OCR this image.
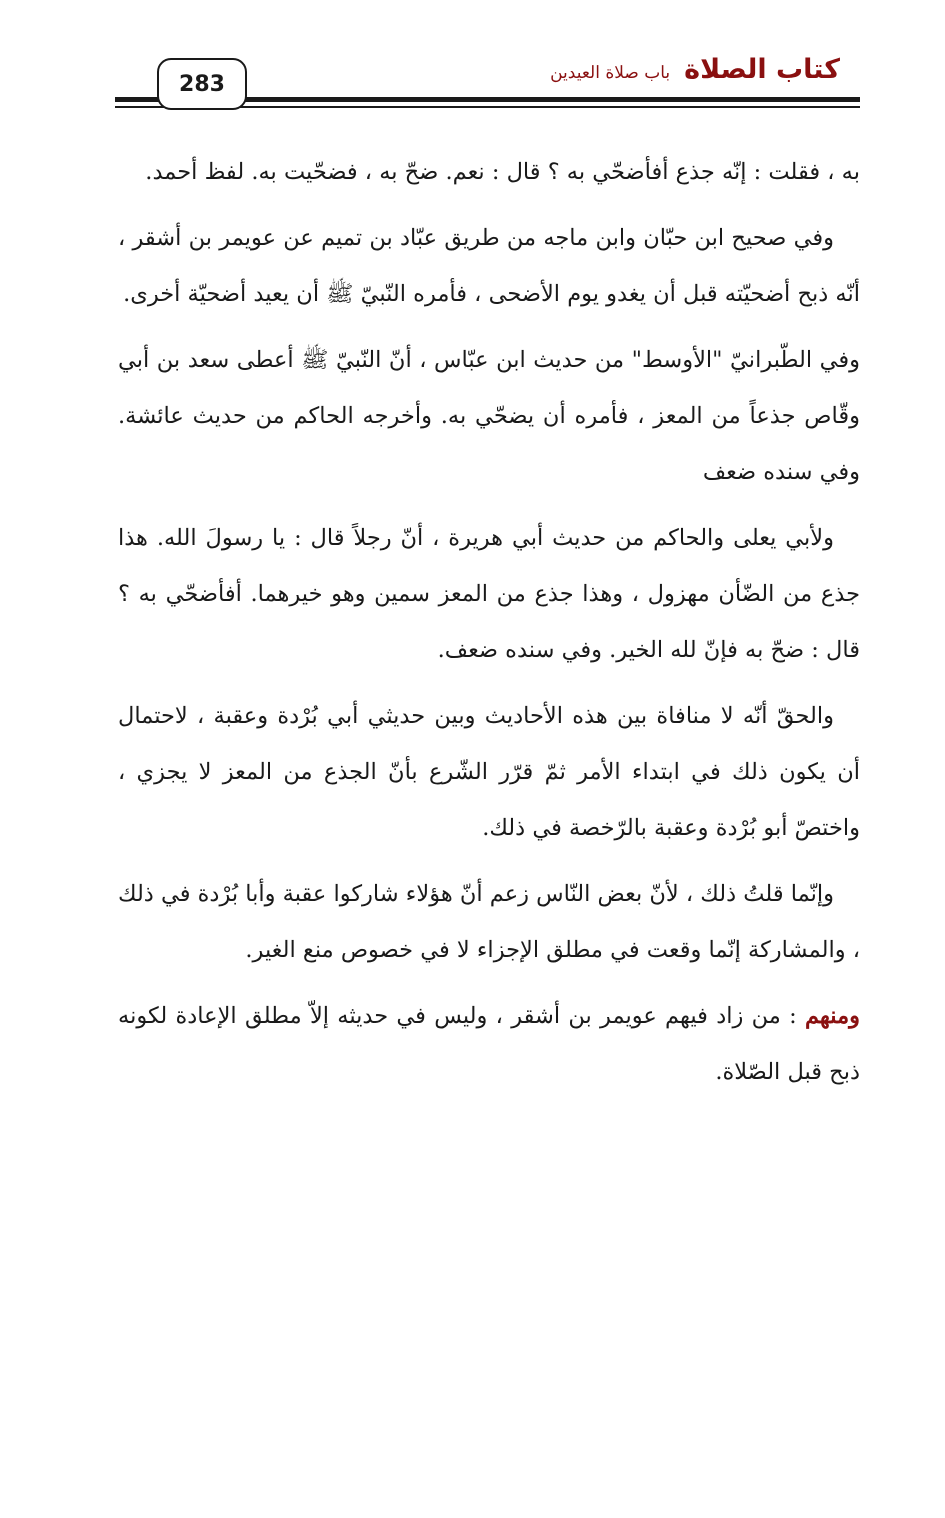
283	كتاب الصلاة
باب صلاة العيدين

به ، فقلت : إنّه جذع أفأضحّي به ؟ قال : نعم. ضحّ به ، فضحّيت به. لفظ أحمد.

وفي صحيح ابن حبّان وابن ماجه من طريق عبّاد بن تميم عن عويمر بن أشقر ، أنّه ذبح أضحيّته قبل أن يغدو يوم الأضحى ، فأمره النّبيّ ﷺ أن يعيد أضحيّة أخرى.

وفي الطّبرانيّ "الأوسط" من حديث ابن عبّاس ، أنّ النّبيّ ﷺ أعطى سعد بن أبي وقّاص جذعاً من المعز ، فأمره أن يضحّي به. وأخرجه الحاكم من حديث عائشة. وفي سنده ضعف

ولأبي يعلى والحاكم من حديث أبي هريرة ، أنّ رجلاً قال : يا رسولَ الله. هذا جذع من الضّأن مهزول ، وهذا جذع من المعز سمين وهو خيرهما. أفأضحّي به ؟ قال : ضحّ به فإنّ لله الخير. وفي سنده ضعف.

والحقّ أنّه لا منافاة بين هذه الأحاديث وبين حديثي أبي بُرْدة وعقبة ، لاحتمال أن يكون ذلك في ابتداء الأمر ثمّ قرّر الشّرع بأنّ الجذع من المعز لا يجزي ، واختصّ أبو بُرْدة وعقبة بالرّخصة في ذلك.

وإنّما قلتُ ذلك ، لأنّ بعض النّاس زعم أنّ هؤلاء شاركوا عقبة وأبا بُرْدة في ذلك ، والمشاركة إنّما وقعت في مطلق الإجزاء لا في خصوص منع الغير.

ومنهم : من زاد فيهم عويمر بن أشقر ، وليس في حديثه إلاّ مطلق الإعادة لكونه ذبح قبل الصّلاة.
